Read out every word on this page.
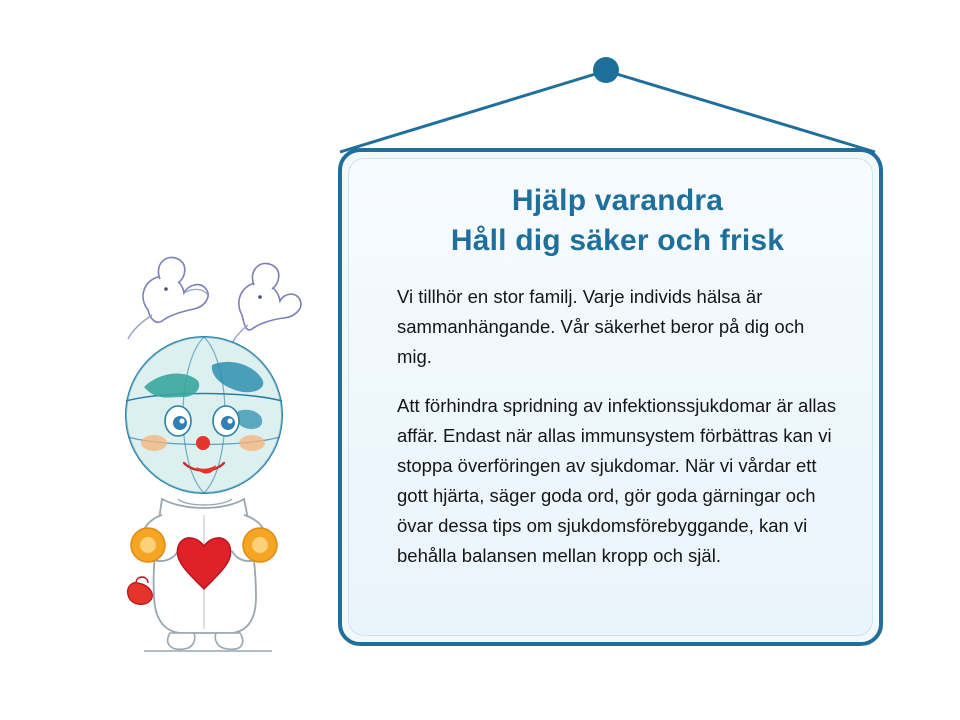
Hjälp varandra
Håll dig säker och frisk

Vi tillhör en stor familj. Varje individs hälsa är sammanhängande. Vår säkerhet beror på dig och mig.

Att förhindra spridning av infektionssjukdomar är allas affär. Endast när allas immunsystem förbättras kan vi stoppa överföringen av sjukdomar. När vi vårdar ett gott hjärta, säger goda ord, gör goda gärningar och övar dessa tips om sjukdomsförebyggande, kan vi behålla balansen mellan kropp och själ.
